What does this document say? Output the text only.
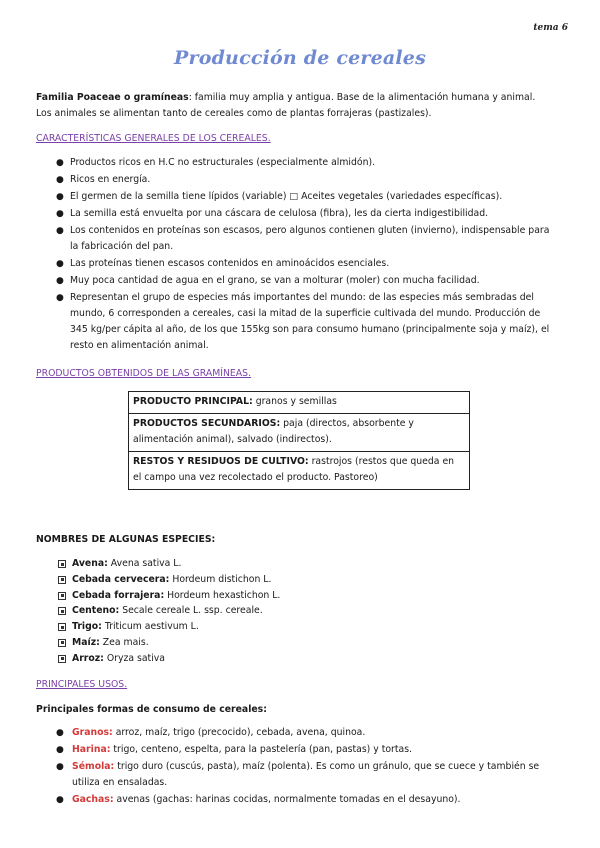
tema 6
Producción de cereales
Familia Poaceae o gramíneas: familia muy amplia y antigua. Base de la alimentación humana y animal.
Los animales se alimentan tanto de cereales como de plantas forrajeras (pastizales).
CARACTERÍSTICAS GENERALES DE LOS CEREALES.
● Productos ricos en H.C no estructurales (especialmente almidón).
● Ricos en energía.
● El germen de la semilla tiene lípidos (variable) □ Aceites vegetales (variedades específicas).
● La semilla está envuelta por una cáscara de celulosa (fibra), les da cierta indigestibilidad.
● Los contenidos en proteínas son escasos, pero algunos contienen gluten (invierno), indispensable para la fabricación del pan.
● Las proteínas tienen escasos contenidos en aminoácidos esenciales.
● Muy poca cantidad de agua en el grano, se van a molturar (moler) con mucha facilidad.
● Representan el grupo de especies más importantes del mundo: de las especies más sembradas del mundo, 6 corresponden a cereales, casi la mitad de la superficie cultivada del mundo. Producción de 345 kg/per cápita al año, de los que 155kg son para consumo humano (principalmente soja y maíz), el resto en alimentación animal.
PRODUCTOS OBTENIDOS DE LAS GRAMÍNEAS.
PRODUCTO PRINCIPAL: granos y semillas
PRODUCTOS SECUNDARIOS: paja (directos, absorbente y alimentación animal), salvado (indirectos).
RESTOS Y RESIDUOS DE CULTIVO: rastrojos (restos que queda en el campo una vez recolectado el producto. Pastoreo)
NOMBRES DE ALGUNAS ESPECIES:
Avena: Avena sativa L.
Cebada cervecera: Hordeum distichon L.
Cebada forrajera: Hordeum hexastichon L.
Centeno: Secale cereale L. ssp. cereale.
Trigo: Triticum aestivum L.
Maíz: Zea mais.
Arroz: Oryza sativa
PRINCIPALES USOS.
Principales formas de consumo de cereales:
● Granos: arroz, maíz, trigo (precocido), cebada, avena, quinoa.
● Harina: trigo, centeno, espelta, para la pastelería (pan, pastas) y tortas.
● Sémola: trigo duro (cuscús, pasta), maíz (polenta). Es como un gránulo, que se cuece y también se utiliza en ensaladas.
● Gachas: avenas (gachas: harinas cocidas, normalmente tomadas en el desayuno).
